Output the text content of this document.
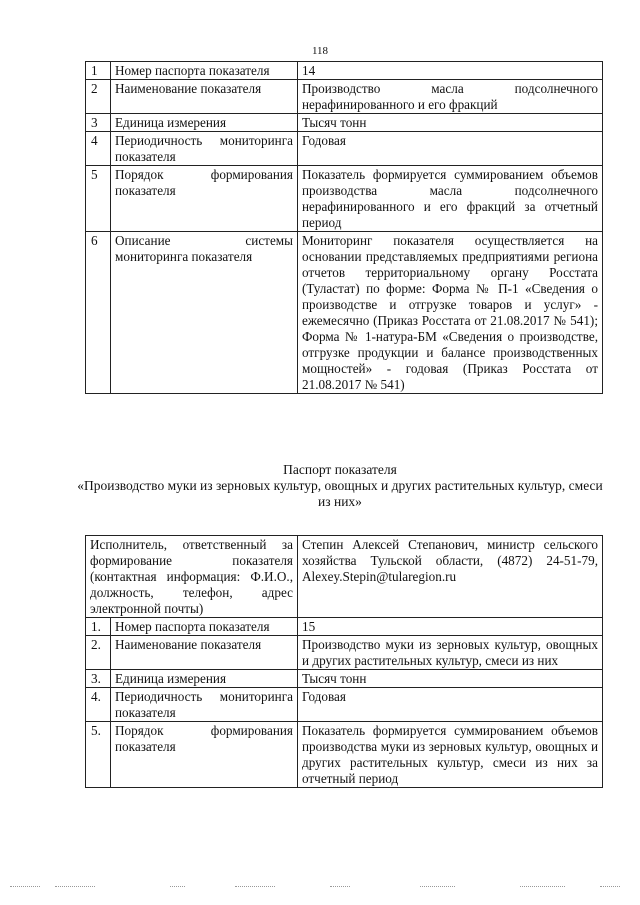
118
1	Номер паспорта показателя	14
2	Наименование показателя	Производство масла подсолнечного нерафинированного и его фракций
3	Единица измерения	Тысяч тонн
4	Периодичность мониторинга показателя	Годовая
5	Порядок формирования показателя	Показатель формируется суммированием объемов производства масла подсолнечного нерафинированного и его фракций за отчетный период
6	Описание системы мониторинга показателя	Мониторинг показателя осуществляется на основании представляемых предприятиями региона отчетов территориальному органу Росстата (Туластат) по форме: Форма № П-1 «Сведения о производстве и отгрузке товаров и услуг» - ежемесячно (Приказ Росстата от 21.08.2017 № 541); Форма № 1-натура-БМ «Сведения о производстве, отгрузке продукции и балансе производственных мощностей» - годовая (Приказ Росстата от 21.08.2017 № 541)
Паспорт показателя
«Производство муки из зерновых культур, овощных и других растительных культур, смеси из них»
Исполнитель, ответственный за формирование показателя (контактная информация: Ф.И.О., должность, телефон, адрес электронной почты)		Степин Алексей Степанович, министр сельского хозяйства Тульской области, (4872) 24-51-79, Alexey.Stepin@tularegion.ru
1.	Номер паспорта показателя	15
2.	Наименование показателя	Производство муки из зерновых культур, овощных и других растительных культур, смеси из них
3.	Единица измерения	Тысяч тонн
4.	Периодичность мониторинга показателя	Годовая
5.	Порядок формирования показателя	Показатель формируется суммированием объемов производства муки из зерновых культур, овощных и других растительных культур, смеси из них за отчетный период
